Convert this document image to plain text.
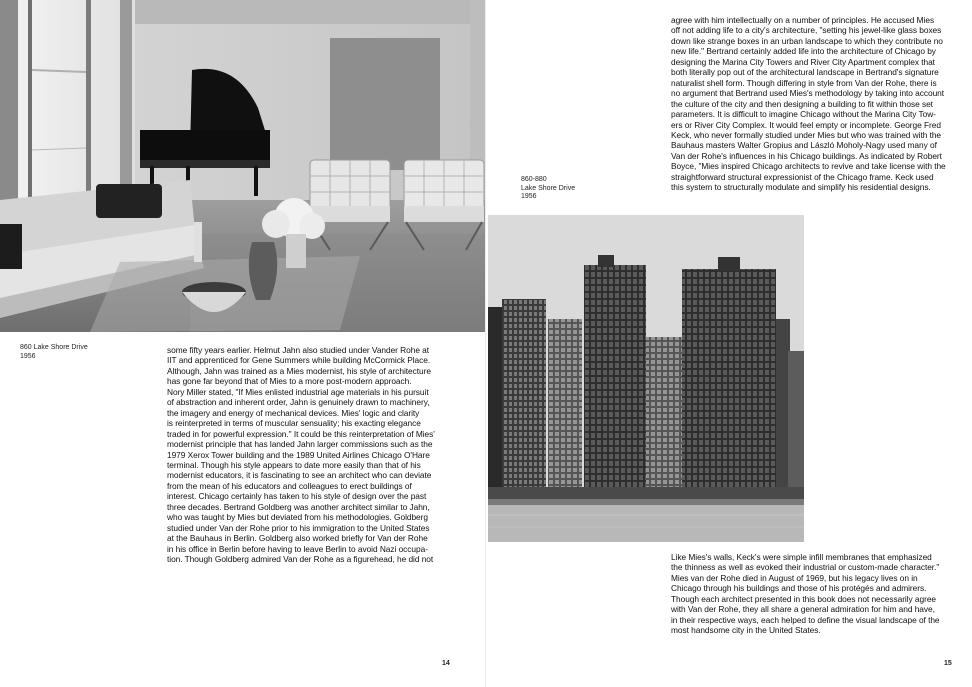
860 Lake Shore Drive
1956
some fifty years earlier. Helmut Jahn also studied under Vander Rohe at
IIT and apprenticed for Gene Summers while building McCormick Place.
Although, Jahn was trained as a Mies modernist, his style of architecture
has gone far beyond that of Mies to a more post-modern approach.
Nory Miller stated, "If Mies enlisted industrial age materials in his pursuit
of abstraction and inherent order, Jahn is genuinely drawn to machinery,
the imagery and energy of mechanical devices. Mies' logic and clarity
is reinterpreted in terms of muscular sensuality; his exacting elegance
traded in for powerful expression." It could be this reinterpretation of Mies'
modernist principle that has landed Jahn larger commissions such as the
1979 Xerox Tower building and the 1989 United Airlines Chicago O'Hare
terminal. Though his style appears to date more easily than that of his
modernist educators, it is fascinating to see an architect who can deviate
from the mean of his educators and colleagues to erect buildings of
interest. Chicago certainly has taken to his style of design over the past
three decades. Bertrand Goldberg was another architect similar to Jahn,
who was taught by Mies but deviated from his methodologies. Goldberg
studied under Van der Rohe prior to his immigration to the United States
at the Bauhaus in Berlin. Goldberg also worked briefly for Van der Rohe
in his office in Berlin before having to leave Berlin to avoid Nazi occupa-
tion. Though Goldberg admired Van der Rohe as a figurehead, he did not
14
agree with him intellectually on a number of principles. He accused Mies
off not adding life to a city's architecture, "setting his jewel-like glass boxes
down like strange boxes in an urban landscape to which they contribute no
new life." Bertrand certainly added life into the architecture of Chicago by
designing the Marina City Towers and River City Apartment complex that
both literally pop out of the architectural landscape in Bertrand's signature
naturalist shell form. Though differing in style from Van der Rohe, there is
no argument that Bertrand used Mies's methodology by taking into account
the culture of the city and then designing a building to fit within those set
parameters. It is difficult to imagine Chicago without the Marina City Tow-
ers or River City Complex. It would feel empty or incomplete. George Fred
Keck, who never formally studied under Mies but who was trained with the
Bauhaus masters Walter Gropius and László Moholy-Nagy used many of
Van der Rohe's influences in his Chicago buildings. As indicated by Robert
Boyce, "Mies inspired Chicago architects to revive and take license with the
straightforward structural expressionist of the Chicago frame. Keck used
this system to structurally modulate and simplify his residential designs.
860-880
Lake Shore Drive
1956
Like Mies's walls, Keck's were simple infill membranes that emphasized
the thinness as well as evoked their industrial or custom-made character."
Mies van der Rohe died in August of 1969, but his legacy lives on in
Chicago through his buildings and those of his protégés and admirers.
Though each architect presented in this book does not necessarily agree
with Van der Rohe, they all share a general admiration for him and have,
in their respective ways, each helped to define the visual landscape of the
most handsome city in the United States.
15
